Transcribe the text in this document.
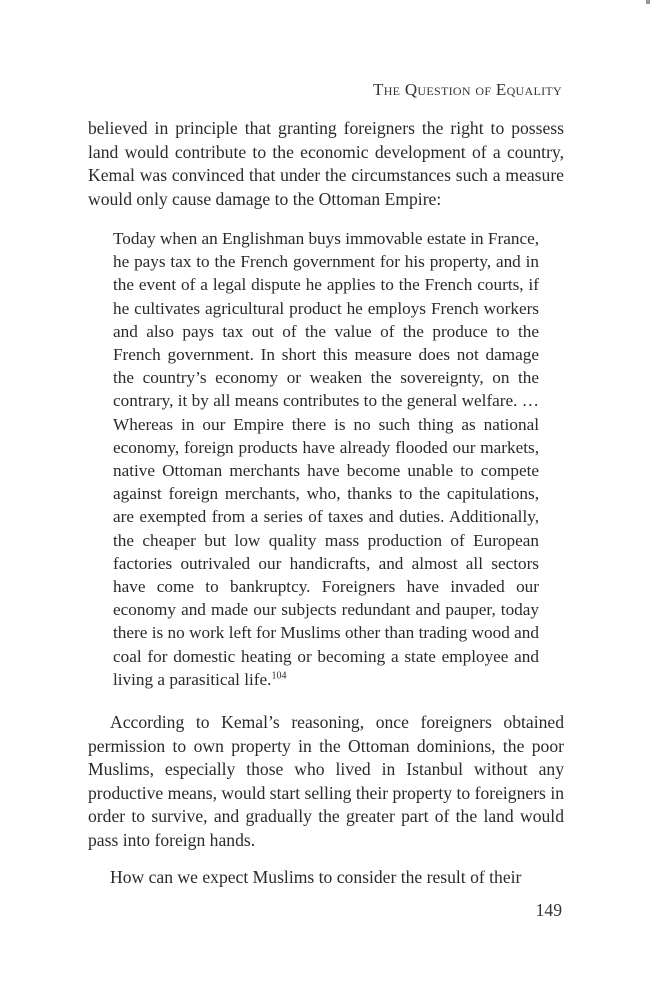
The Question of Equality

believed in principle that granting foreigners the right to possess land would contribute to the economic development of a country, Kemal was convinced that under the circumstances such a measure would only cause damage to the Ottoman Empire:

Today when an Englishman buys immovable estate in France, he pays tax to the French government for his property, and in the event of a legal dispute he applies to the French courts, if he cultivates agricultural product he employs French workers and also pays tax out of the value of the produce to the French government. In short this measure does not damage the country’s economy or weaken the sovereignty, on the contrary, it by all means contributes to the general welfare. … Whereas in our Empire there is no such thing as national economy, foreign products have already flooded our markets, native Ottoman merchants have become unable to compete against foreign merchants, who, thanks to the capitulations, are exempted from a series of taxes and duties. Additionally, the cheaper but low quality mass production of European factories outrivaled our handicrafts, and almost all sectors have come to bankruptcy. Foreigners have invaded our economy and made our subjects redundant and pauper, today there is no work left for Muslims other than trading wood and coal for domestic heating or becoming a state employee and living a parasitical life.$^{104}$

According to Kemal’s reasoning, once foreigners obtained permission to own property in the Ottoman dominions, the poor Muslims, especially those who lived in Istanbul without any productive means, would start selling their property to foreigners in order to survive, and gradually the greater part of the land would pass into foreign hands.

How can we expect Muslims to consider the result of their

149
